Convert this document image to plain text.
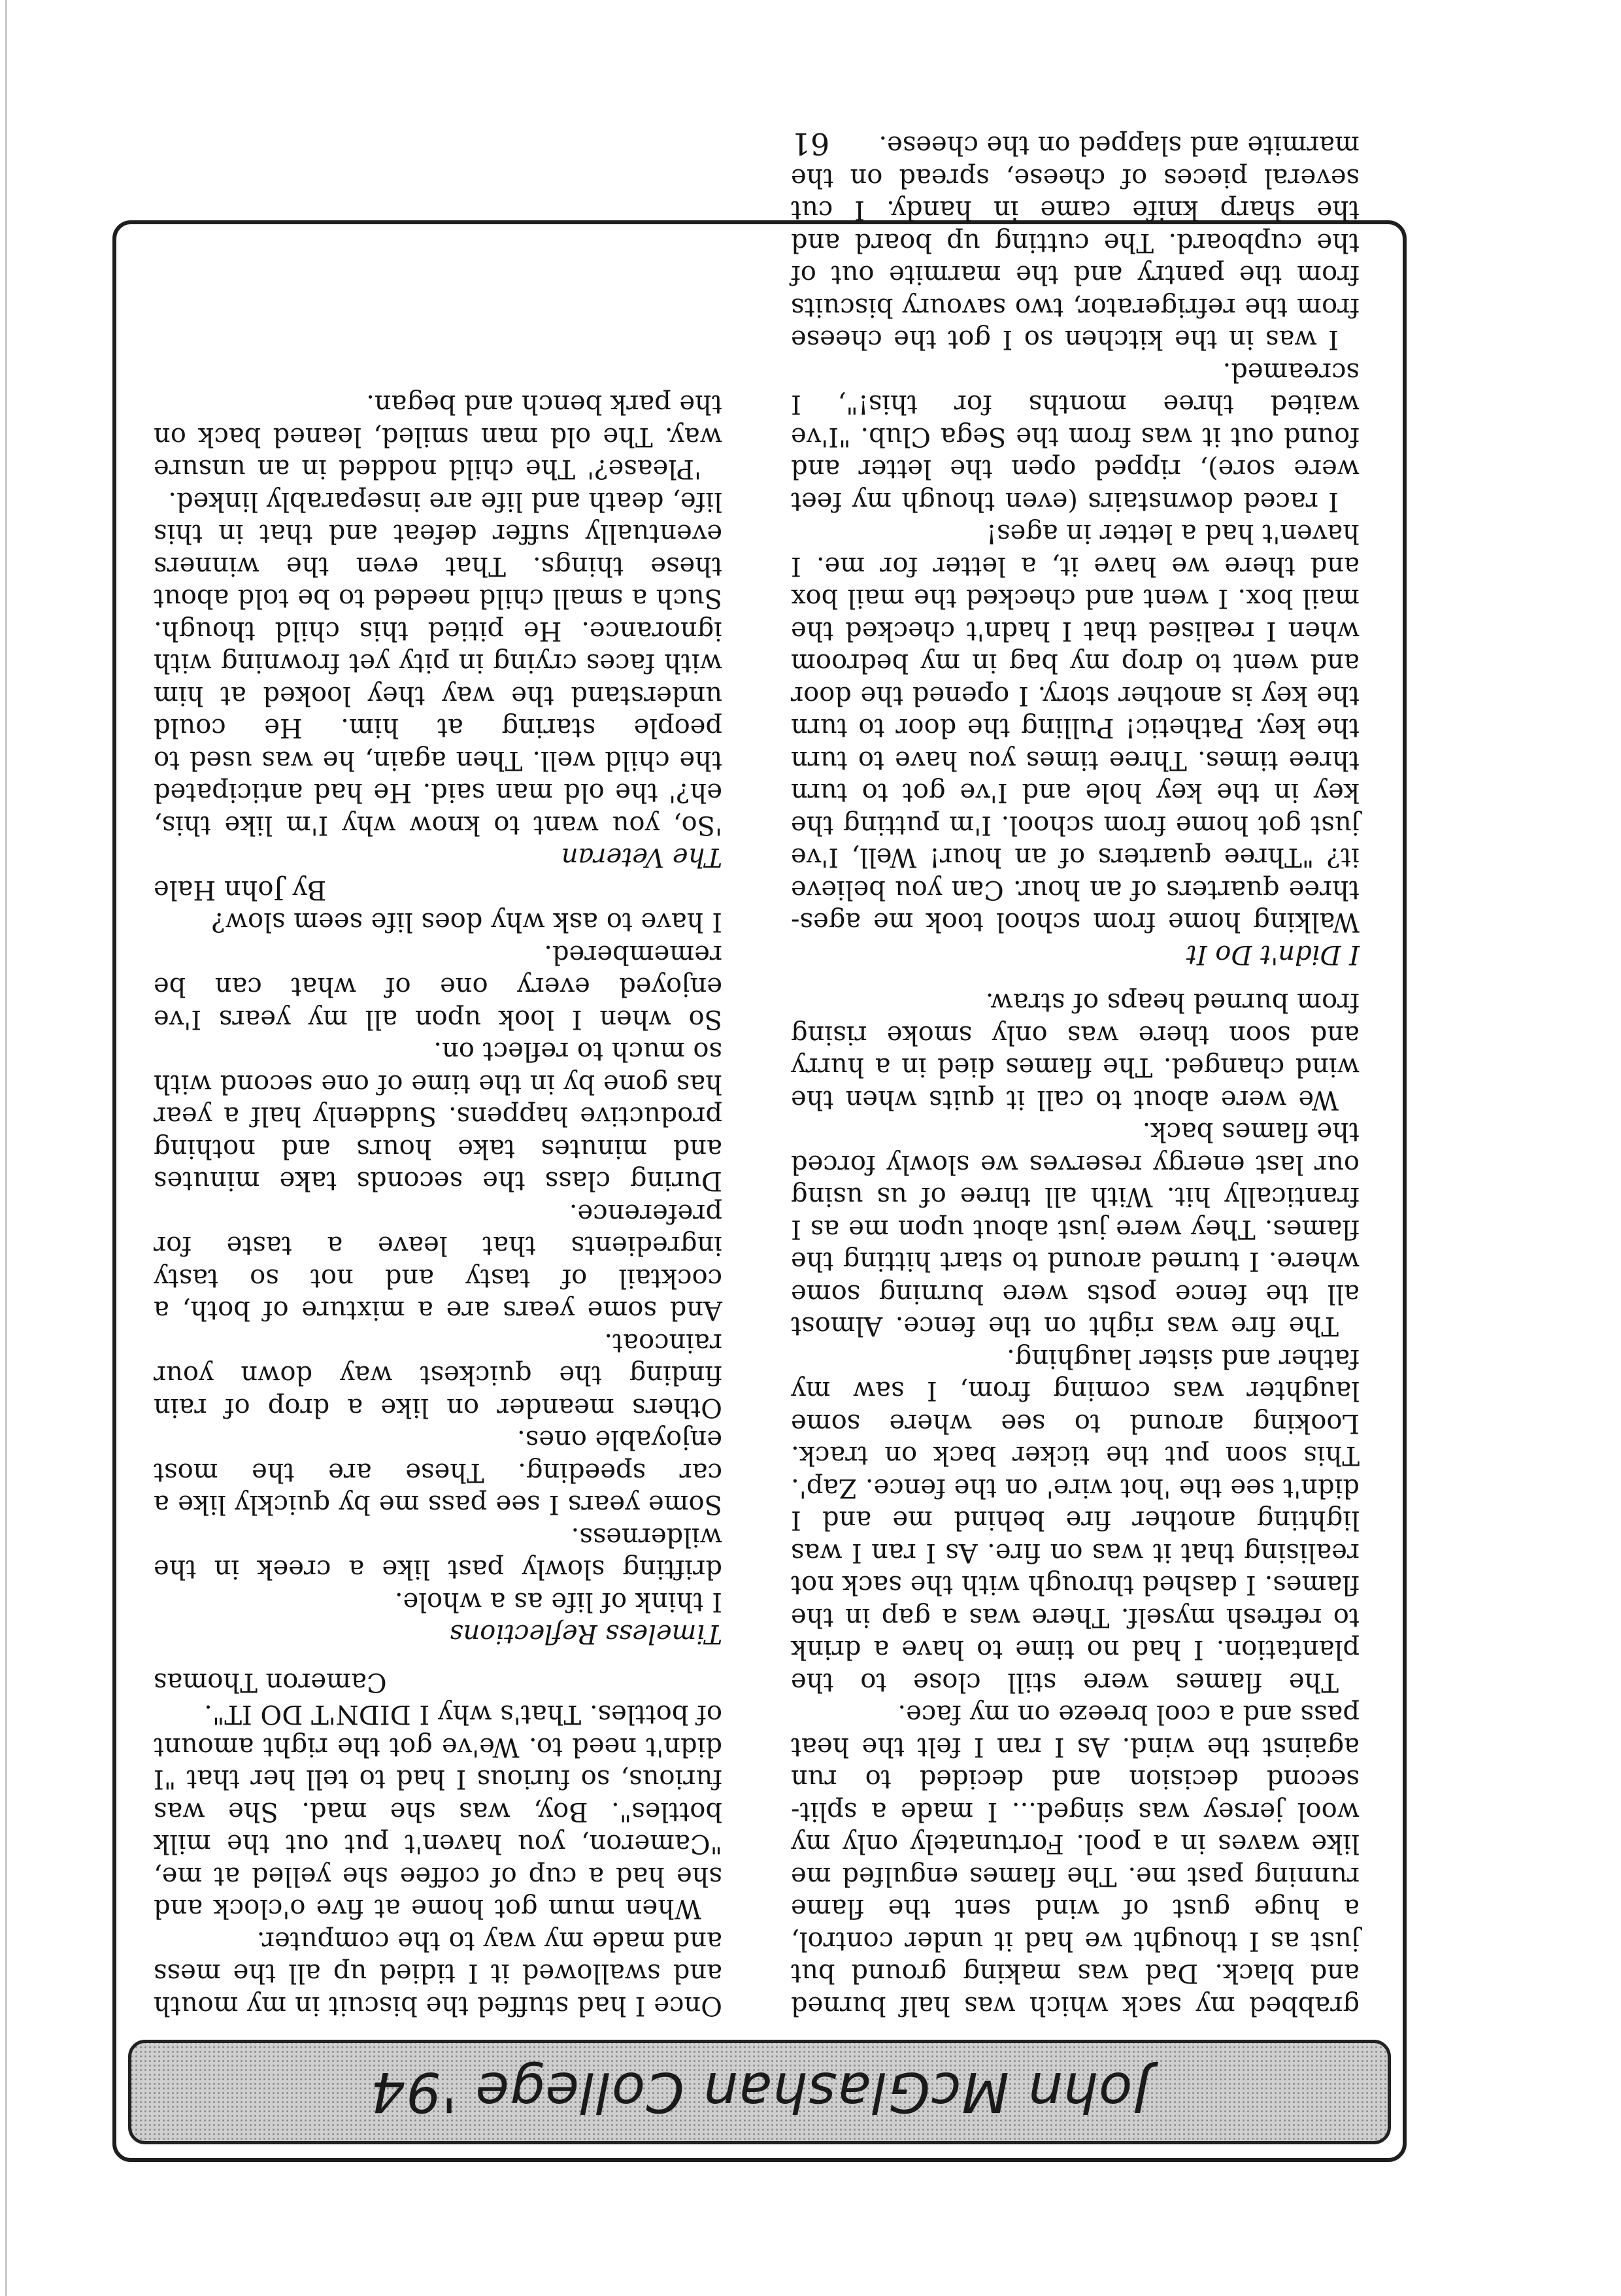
John McGlashan College '94

grabbed my sack which was half burned and black. Dad was making ground but just as I thought we had it under control, a huge gust of wind sent the flame running past me. The flames engulfed me like waves in a pool. Fortunately only my wool jersey was singed... I made a split-second decision and decided to run against the wind. As I ran I felt the heat pass and a cool breeze on my face.

The flames were still close to the plantation. I had no time to have a drink to refresh myself. There was a gap in the flames. I dashed through with the sack not realising that it was on fire. As I ran I was lighting another fire behind me and I didn't see the 'hot wire' on the fence. Zap'. This soon put the ticker back on track. Looking around to see where some laughter was coming from, I saw my father and sister laughing.

The fire was right on the fence. Almost all the fence posts were burning some where. I turned around to start hitting the flames. They were just about upon me as I frantically hit. With all three of us using our last energy reserves we slowly forced the flames back.

We were about to call it quits when the wind changed. The flames died in a hurry and soon there was only smoke rising from burned heaps of straw.

I Didn't Do It

Walking home from school took me ages-three quarters of an hour. Can you believe it? "Three quarters of an hour! Well, I've just got home from school. I'm putting the key in the key hole and I've got to turn three times. Three times you have to turn the key. Pathetic! Pulling the door to turn the key is another story. I opened the door and went to drop my bag in my bedroom when I realised that I hadn't checked the mail box. I went and checked the mail box and there we have it, a letter for me. I haven't had a letter in ages!

I raced downstairs (even though my feet were sore), ripped open the letter and found out it was from the Sega Club. "I've waited three months for this!", I screamed.

I was in the kitchen so I got the cheese from the refrigerator, two savoury biscuits from the pantry and the marmite out of the cupboard. The cutting up board and the sharp knife came in handy. I cut several pieces of cheese, spread on the marmite and slapped on the cheese.

Once I had stuffed the biscuit in my mouth and swallowed it I tidied up all the mess and made my way to the computer.

When mum got home at five o'clock and she had a cup of coffee she yelled at me, "Cameron, you haven't put out the milk bottles". Boy, was she mad. She was furious, so furious I had to tell her that "I didn't need to. We've got the right amount of bottles. That's why I DIDN'T DO IT".

Cameron Thomas

Timeless Reflections

I think of life as a whole.

drifting slowly past like a creek in the wilderness.

Some years I see pass me by quickly like a car speeding. These are the most enjoyable ones.

Others meander on like a drop of rain finding the quickest way down your raincoat.

And some years are a mixture of both, a cocktail of tasty and not so tasty ingredients that leave a taste for preference.

During class the seconds take minutes and minutes take hours and nothing productive happens. Suddenly half a year has gone by in the time of one second with so much to reflect on.

So when I look upon all my years I've enjoyed every one of what can be remembered.

I have to ask why does life seem slow?

By John Hale

The Veteran

'So, you want to know why I'm like this, eh?' the old man said. He had anticipated the child well. Then again, he was used to people staring at him. He could understand the way they looked at him with faces crying in pity yet frowning with ignorance. He pitied this child though. Such a small child needed to be told about these things. That even the winners eventually suffer defeat and that in this life, death and life are inseparably linked.

'Please?' The child nodded in an unsure way. The old man smiled, leaned back on the park bench and began.

61
